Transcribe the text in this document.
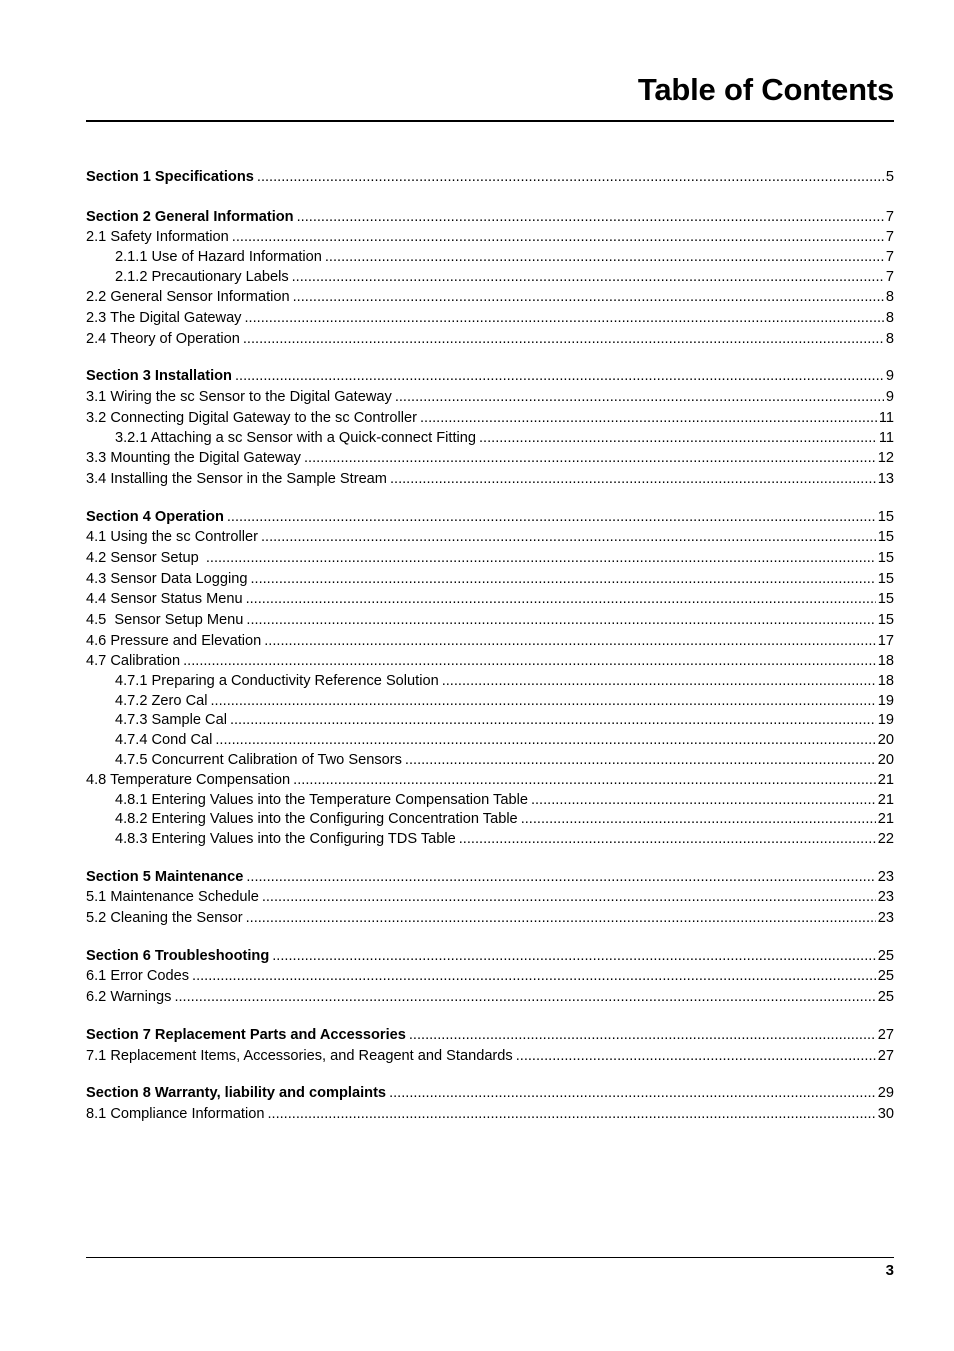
Table of Contents
Section 1 Specifications .....	5
Section 2 General Information .....	7
2.1 Safety Information .....	7
2.1.1 Use of Hazard Information .....	7
2.1.2 Precautionary Labels .....	7
2.2 General Sensor Information .....	8
2.3 The Digital Gateway .....	8
2.4 Theory of Operation .....	8
Section 3 Installation .....	9
3.1 Wiring the sc Sensor to the Digital Gateway .....	9
3.2 Connecting Digital Gateway to the sc Controller .....	11
3.2.1 Attaching a sc Sensor with a Quick-connect Fitting .....	11
3.3 Mounting the Digital Gateway .....	12
3.4 Installing the Sensor in the Sample Stream .....	13
Section 4 Operation .....	15
4.1 Using the sc Controller .....	15
4.2 Sensor Setup .....	15
4.3 Sensor Data Logging .....	15
4.4 Sensor Status Menu .....	15
4.5  Sensor Setup Menu .....	15
4.6 Pressure and Elevation .....	17
4.7 Calibration .....	18
4.7.1 Preparing a Conductivity Reference Solution .....	18
4.7.2 Zero Cal .....	19
4.7.3 Sample Cal .....	19
4.7.4 Cond Cal .....	20
4.7.5 Concurrent Calibration of Two Sensors .....	20
4.8 Temperature Compensation .....	21
4.8.1 Entering Values into the Temperature Compensation Table .....	21
4.8.2 Entering Values into the Configuring Concentration Table .....	21
4.8.3 Entering Values into the Configuring TDS Table .....	22
Section 5 Maintenance .....	23
5.1 Maintenance Schedule .....	23
5.2 Cleaning the Sensor .....	23
Section 6 Troubleshooting .....	25
6.1 Error Codes .....	25
6.2 Warnings .....	25
Section 7 Replacement Parts and Accessories .....	27
7.1 Replacement Items, Accessories, and Reagent and Standards .....	27
Section 8 Warranty, liability and complaints .....	29
8.1 Compliance Information .....	30
3
